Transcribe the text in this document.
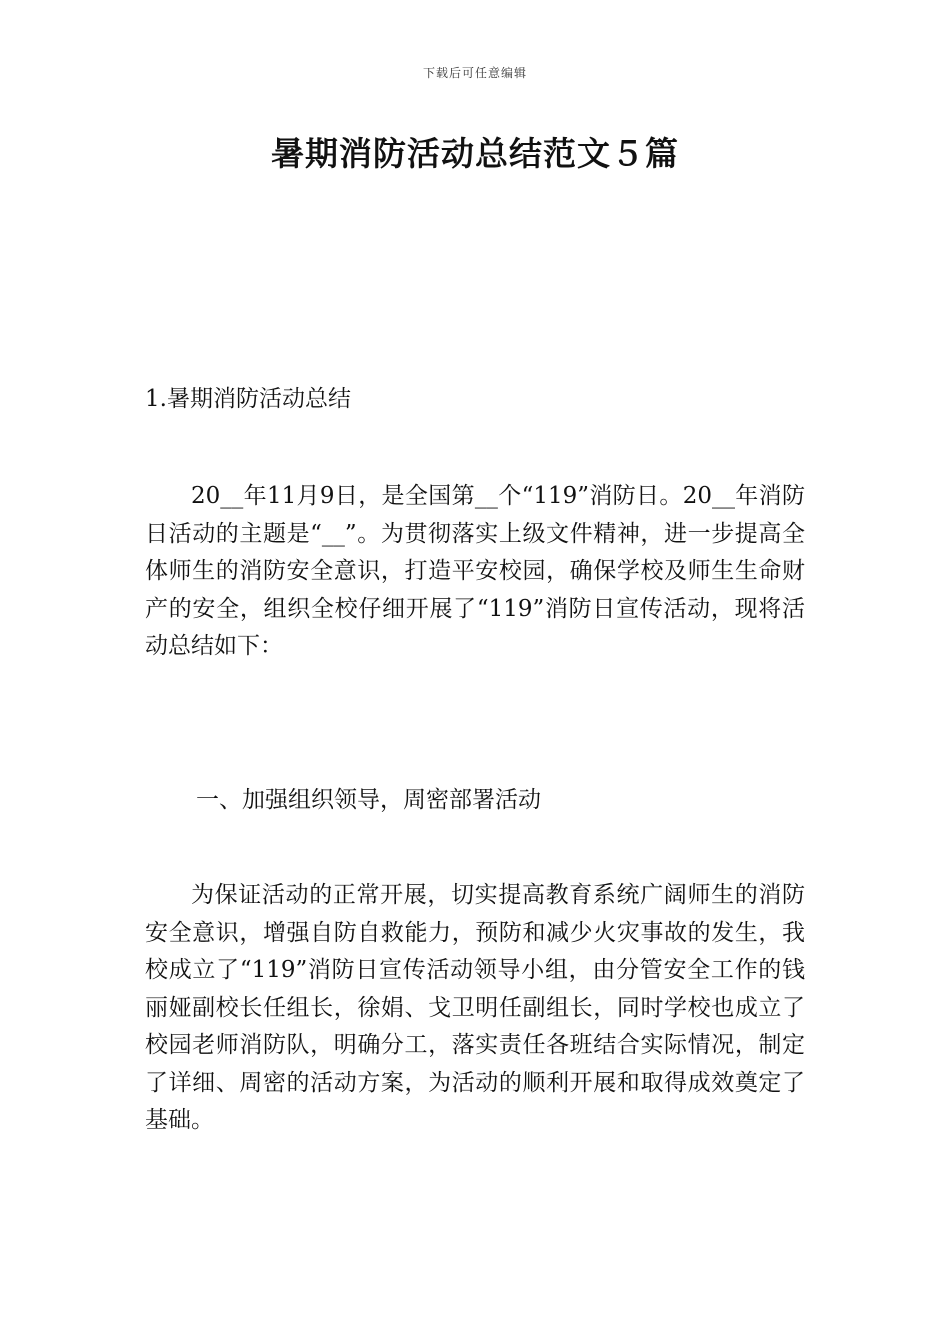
下载后可任意编辑
暑期消防活动总结范文５篇

1.暑期消防活动总结

20__年11月9日，是全国第__个“119”消防日。20__年消防日活动的主题是“__”。为贯彻落实上级文件精神，进一步提高全体师生的消防安全意识，打造平安校园，确保学校及师生生命财产的安全，组织全校仔细开展了“119”消防日宣传活动，现将活动总结如下：

一、加强组织领导，周密部署活动

为保证活动的正常开展，切实提高教育系统广阔师生的消防安全意识，增强自防自救能力，预防和减少火灾事故的发生，我校成立了“119”消防日宣传活动领导小组，由分管安全工作的钱丽娅副校长任组长，徐娟、戈卫明任副组长，同时学校也成立了校园老师消防队，明确分工，落实责任各班结合实际情况，制定了详细、周密的活动方案，为活动的顺利开展和取得成效奠定了基础。
